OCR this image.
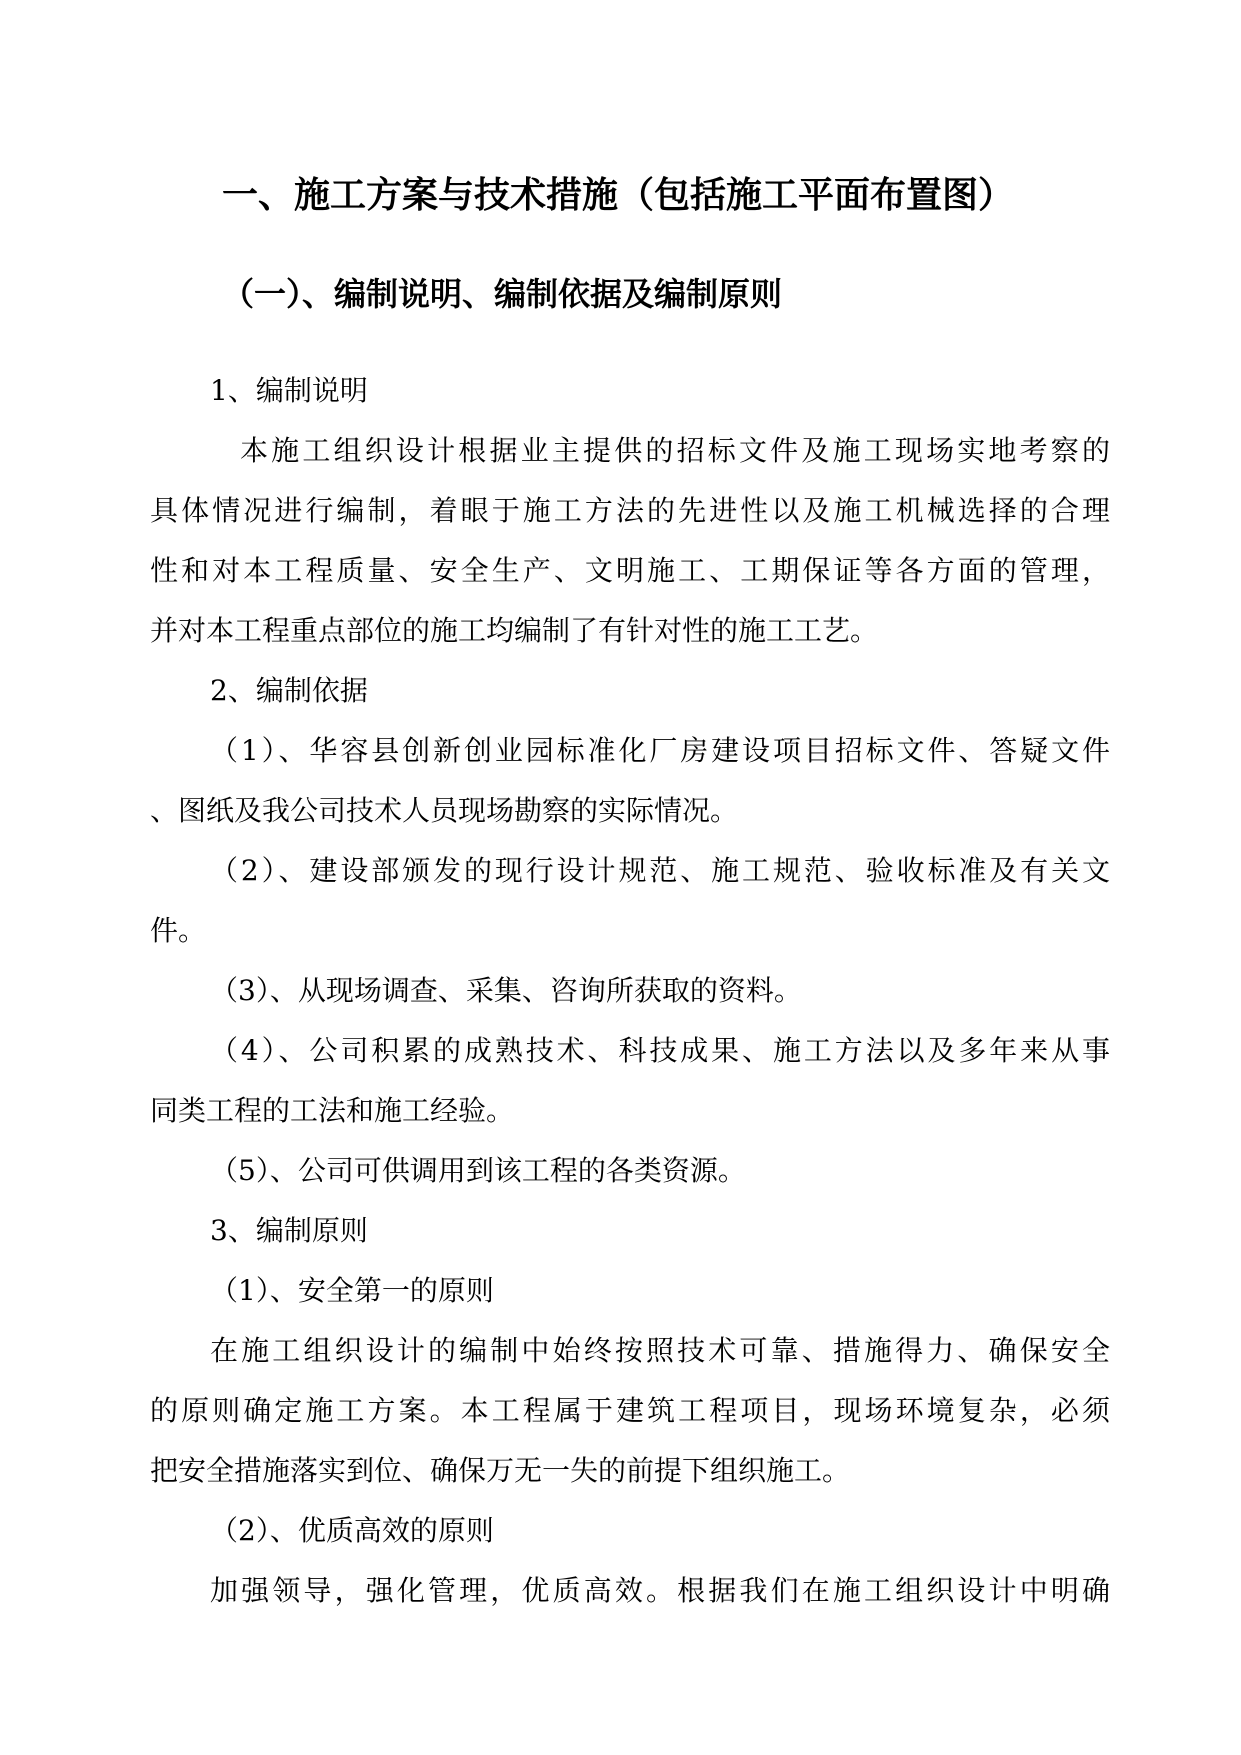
一、施工方案与技术措施（包括施工平面布置图）
（一）、编制说明、编制依据及编制原则
1、编制说明
本施工组织设计根据业主提供的招标文件及施工现场实地考察的
具体情况进行编制，着眼于施工方法的先进性以及施工机械选择的合理
性和对本工程质量、安全生产、文明施工、工期保证等各方面的管理，
并对本工程重点部位的施工均编制了有针对性的施工工艺。
2、编制依据
（1）、华容县创新创业园标准化厂房建设项目招标文件、答疑文件
、图纸及我公司技术人员现场勘察的实际情况。
（2）、建设部颁发的现行设计规范、施工规范、验收标准及有关文
件。
（3）、从现场调查、采集、咨询所获取的资料。
（4）、公司积累的成熟技术、科技成果、施工方法以及多年来从事
同类工程的工法和施工经验。
（5）、公司可供调用到该工程的各类资源。
3、编制原则
（1）、安全第一的原则
在施工组织设计的编制中始终按照技术可靠、措施得力、确保安全
的原则确定施工方案。本工程属于建筑工程项目，现场环境复杂，必须
把安全措施落实到位、确保万无一失的前提下组织施工。
（2）、优质高效的原则
加强领导，强化管理，优质高效。根据我们在施工组织设计中明确
